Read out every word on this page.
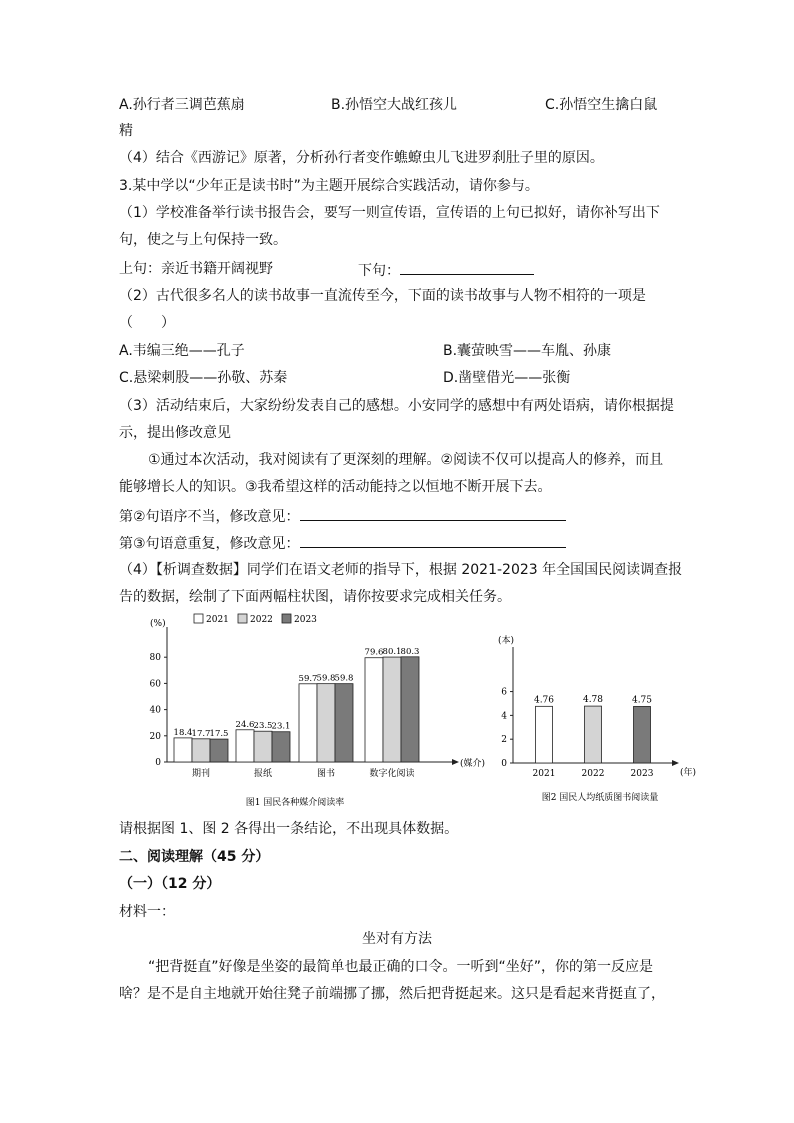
A.孙行者三调芭蕉扇	B.孙悟空大战红孩儿	C.孙悟空生擒白鼠
精
（4）结合《西游记》原著，分析孙行者变作蟭蟟虫儿飞进罗刹肚子里的原因。
3.某中学以“少年正是读书时”为主题开展综合实践活动，请你参与。
（1）学校准备举行读书报告会，要写一则宣传语，宣传语的上句已拟好，请你补写出下
句，使之与上句保持一致。
上句：亲近书籍开阔视野	下句：
（2）古代很多名人的读书故事一直流传至今，下面的读书故事与人物不相符的一项是
（　　）
A.韦编三绝——孔子	B.囊萤映雪——车胤、孙康
C.悬梁刺股——孙敬、苏秦	D.凿壁借光——张衡
（3）活动结束后，大家纷纷发表自己的感想。小安同学的感想中有两处语病，请你根据提
示，提出修改意见
①通过本次活动，我对阅读有了更深刻的理解。②阅读不仅可以提高人的修养，而且
能够增长人的知识。③我希望这样的活动能持之以恒地不断开展下去。
第②句语序不当，修改意见：
第③句语意重复，修改意见：
（4）【析调查数据】同学们在语文老师的指导下，根据 2021-2023 年全国国民阅读调查报
告的数据，绘制了下面两幅柱状图，请你按要求完成相关任务。
(%)	2021 2022 2023
0
20
40
60
80
18.4 17.7 17.5
24.6 23.5 23.1
59.7 59.8 59.8
79.6 80.1 80.3
期刊	报纸	图书	数字化阅读
(媒介)
图1 国民各种媒介阅读率
(本)
0
2
4
6
4.76	4.78	4.75
2021	2022	2023	(年)
图2 国民人均纸质图书阅读量
请根据图 1、图 2 各得出一条结论，不出现具体数据。
二、阅读理解（45 分）
（一）（12 分）
材料一：
坐对有方法
“把背挺直”好像是坐姿的最简单也最正确的口令。一听到“坐好”，你的第一反应是
啥？是不是自主地就开始往凳子前端挪了挪，然后把背挺起来。这只是看起来背挺直了，
